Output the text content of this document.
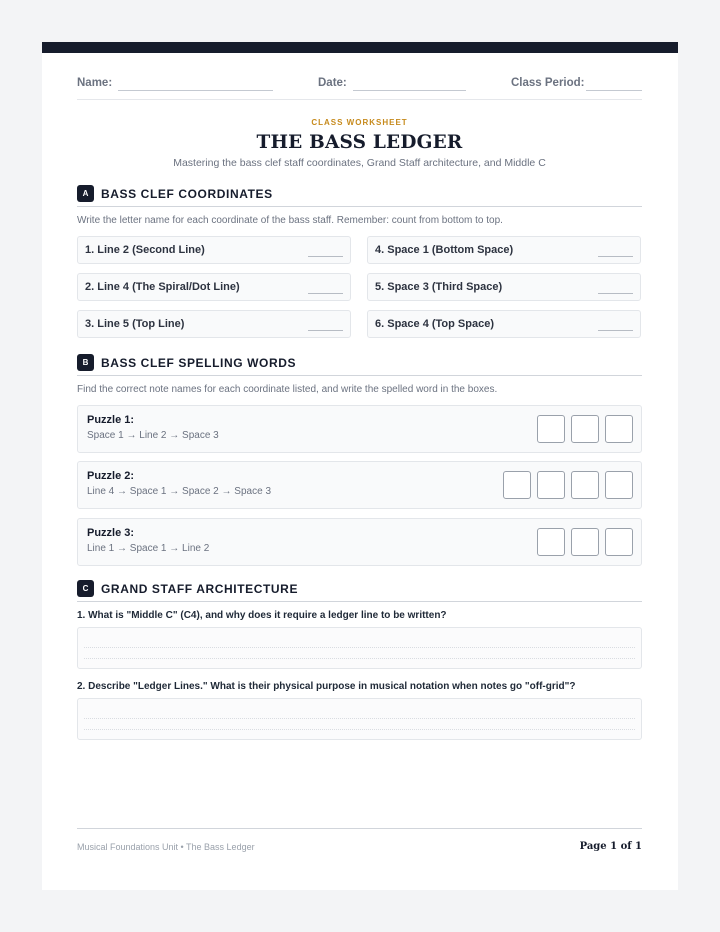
Name:	Date:	Class Period:
CLASS WORKSHEET
THE BASS LEDGER
Mastering the bass clef staff coordinates, Grand Staff architecture, and Middle C
A	BASS CLEF COORDINATES
Write the letter name for each coordinate of the bass staff. Remember: count from bottom to top.
1. Line 2 (Second Line)	4. Space 1 (Bottom Space)
2. Line 4 (The Spiral/Dot Line)	5. Space 3 (Third Space)
3. Line 5 (Top Line)	6. Space 4 (Top Space)
B	BASS CLEF SPELLING WORDS
Find the correct note names for each coordinate listed, and write the spelled word in the boxes.
Puzzle 1:
Space 1 → Line 2 → Space 3
Puzzle 2:
Line 4 → Space 1 → Space 2 → Space 3
Puzzle 3:
Line 1 → Space 1 → Line 2
C	GRAND STAFF ARCHITECTURE
1. What is "Middle C" (C4), and why does it require a ledger line to be written?
2. Describe "Ledger Lines." What is their physical purpose in musical notation when notes go "off-grid"?
Musical Foundations Unit • The Bass Ledger	Page 1 of 1
